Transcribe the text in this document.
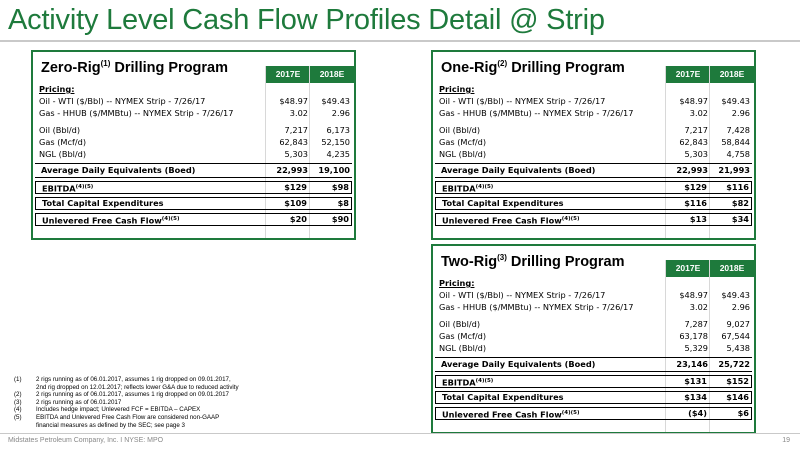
Activity Level Cash Flow Profiles Detail @ Strip
Zero-Rig$^{(1)}$ Drilling Program	2017E	2018E
Pricing:
Oil - WTI ($/Bbl) -- NYMEX Strip - 7/26/17	$48.97	$49.43
Gas - HHUB ($/MMBtu) -- NYMEX Strip - 7/26/17	3.02	2.96
Oil (Bbl/d)	7,217	6,173
Gas (Mcf/d)	62,843	52,150
NGL (Bbl/d)	5,303	4,235
Average Daily Equivalents (Boed)	22,993	19,100
$EBITDA^{(4)(5)}$	$129	$98
Total Capital Expenditures	$109	$8
Unlevered Free Cash Flow$^{(4)(5)}$	$20	$90
One-Rig$^{(2)}$ Drilling Program	2017E	2018E
Pricing:
Oil - WTI ($/Bbl) -- NYMEX Strip - 7/26/17	$48.97	$49.43
Gas - HHUB ($/MMBtu) -- NYMEX Strip - 7/26/17	3.02	2.96
Oil (Bbl/d)	7,217	7,428
Gas (Mcf/d)	62,843	58,844
NGL (Bbl/d)	5,303	4,758
Average Daily Equivalents (Boed)	22,993	21,993
$EBITDA^{(4)(5)}$	$129	$116
Total Capital Expenditures	$116	$82
Unlevered Free Cash Flow$^{(4)(5)}$	$13	$34
Two-Rig$^{(3)}$ Drilling Program	2017E	2018E
Pricing:
Oil - WTI ($/Bbl) -- NYMEX Strip - 7/26/17	$48.97	$49.43
Gas - HHUB ($/MMBtu) -- NYMEX Strip - 7/26/17	3.02	2.96
Oil (Bbl/d)	7,287	9,027
Gas (Mcf/d)	63,178	67,544
NGL (Bbl/d)	5,329	5,438
Average Daily Equivalents (Boed)	23,146	25,722
$EBITDA^{(4)(5)}$	$131	$152
Total Capital Expenditures	$134	$146
Unlevered Free Cash Flow$^{(4)(5)}$	($4)	$6
(1) 2 rigs running as of 06.01.2017, assumes 1 rig dropped on 09.01.2017,
2nd rig dropped on 12.01.2017; reflects lower G&A due to reduced activity
(2) 2 rigs running as of 06.01.2017, assumes 1 rig dropped on 09.01.2017
(3) 2 rigs running as of 06.01.2017
(4) Includes hedge impact; Unlevered FCF = EBITDA – CAPEX
(5) EBITDA and Unlevered Free Cash Flow are considered non-GAAP
financial measures as defined by the SEC; see page 3
Midstates Petroleum Company, Inc. I NYSE: MPO	19
